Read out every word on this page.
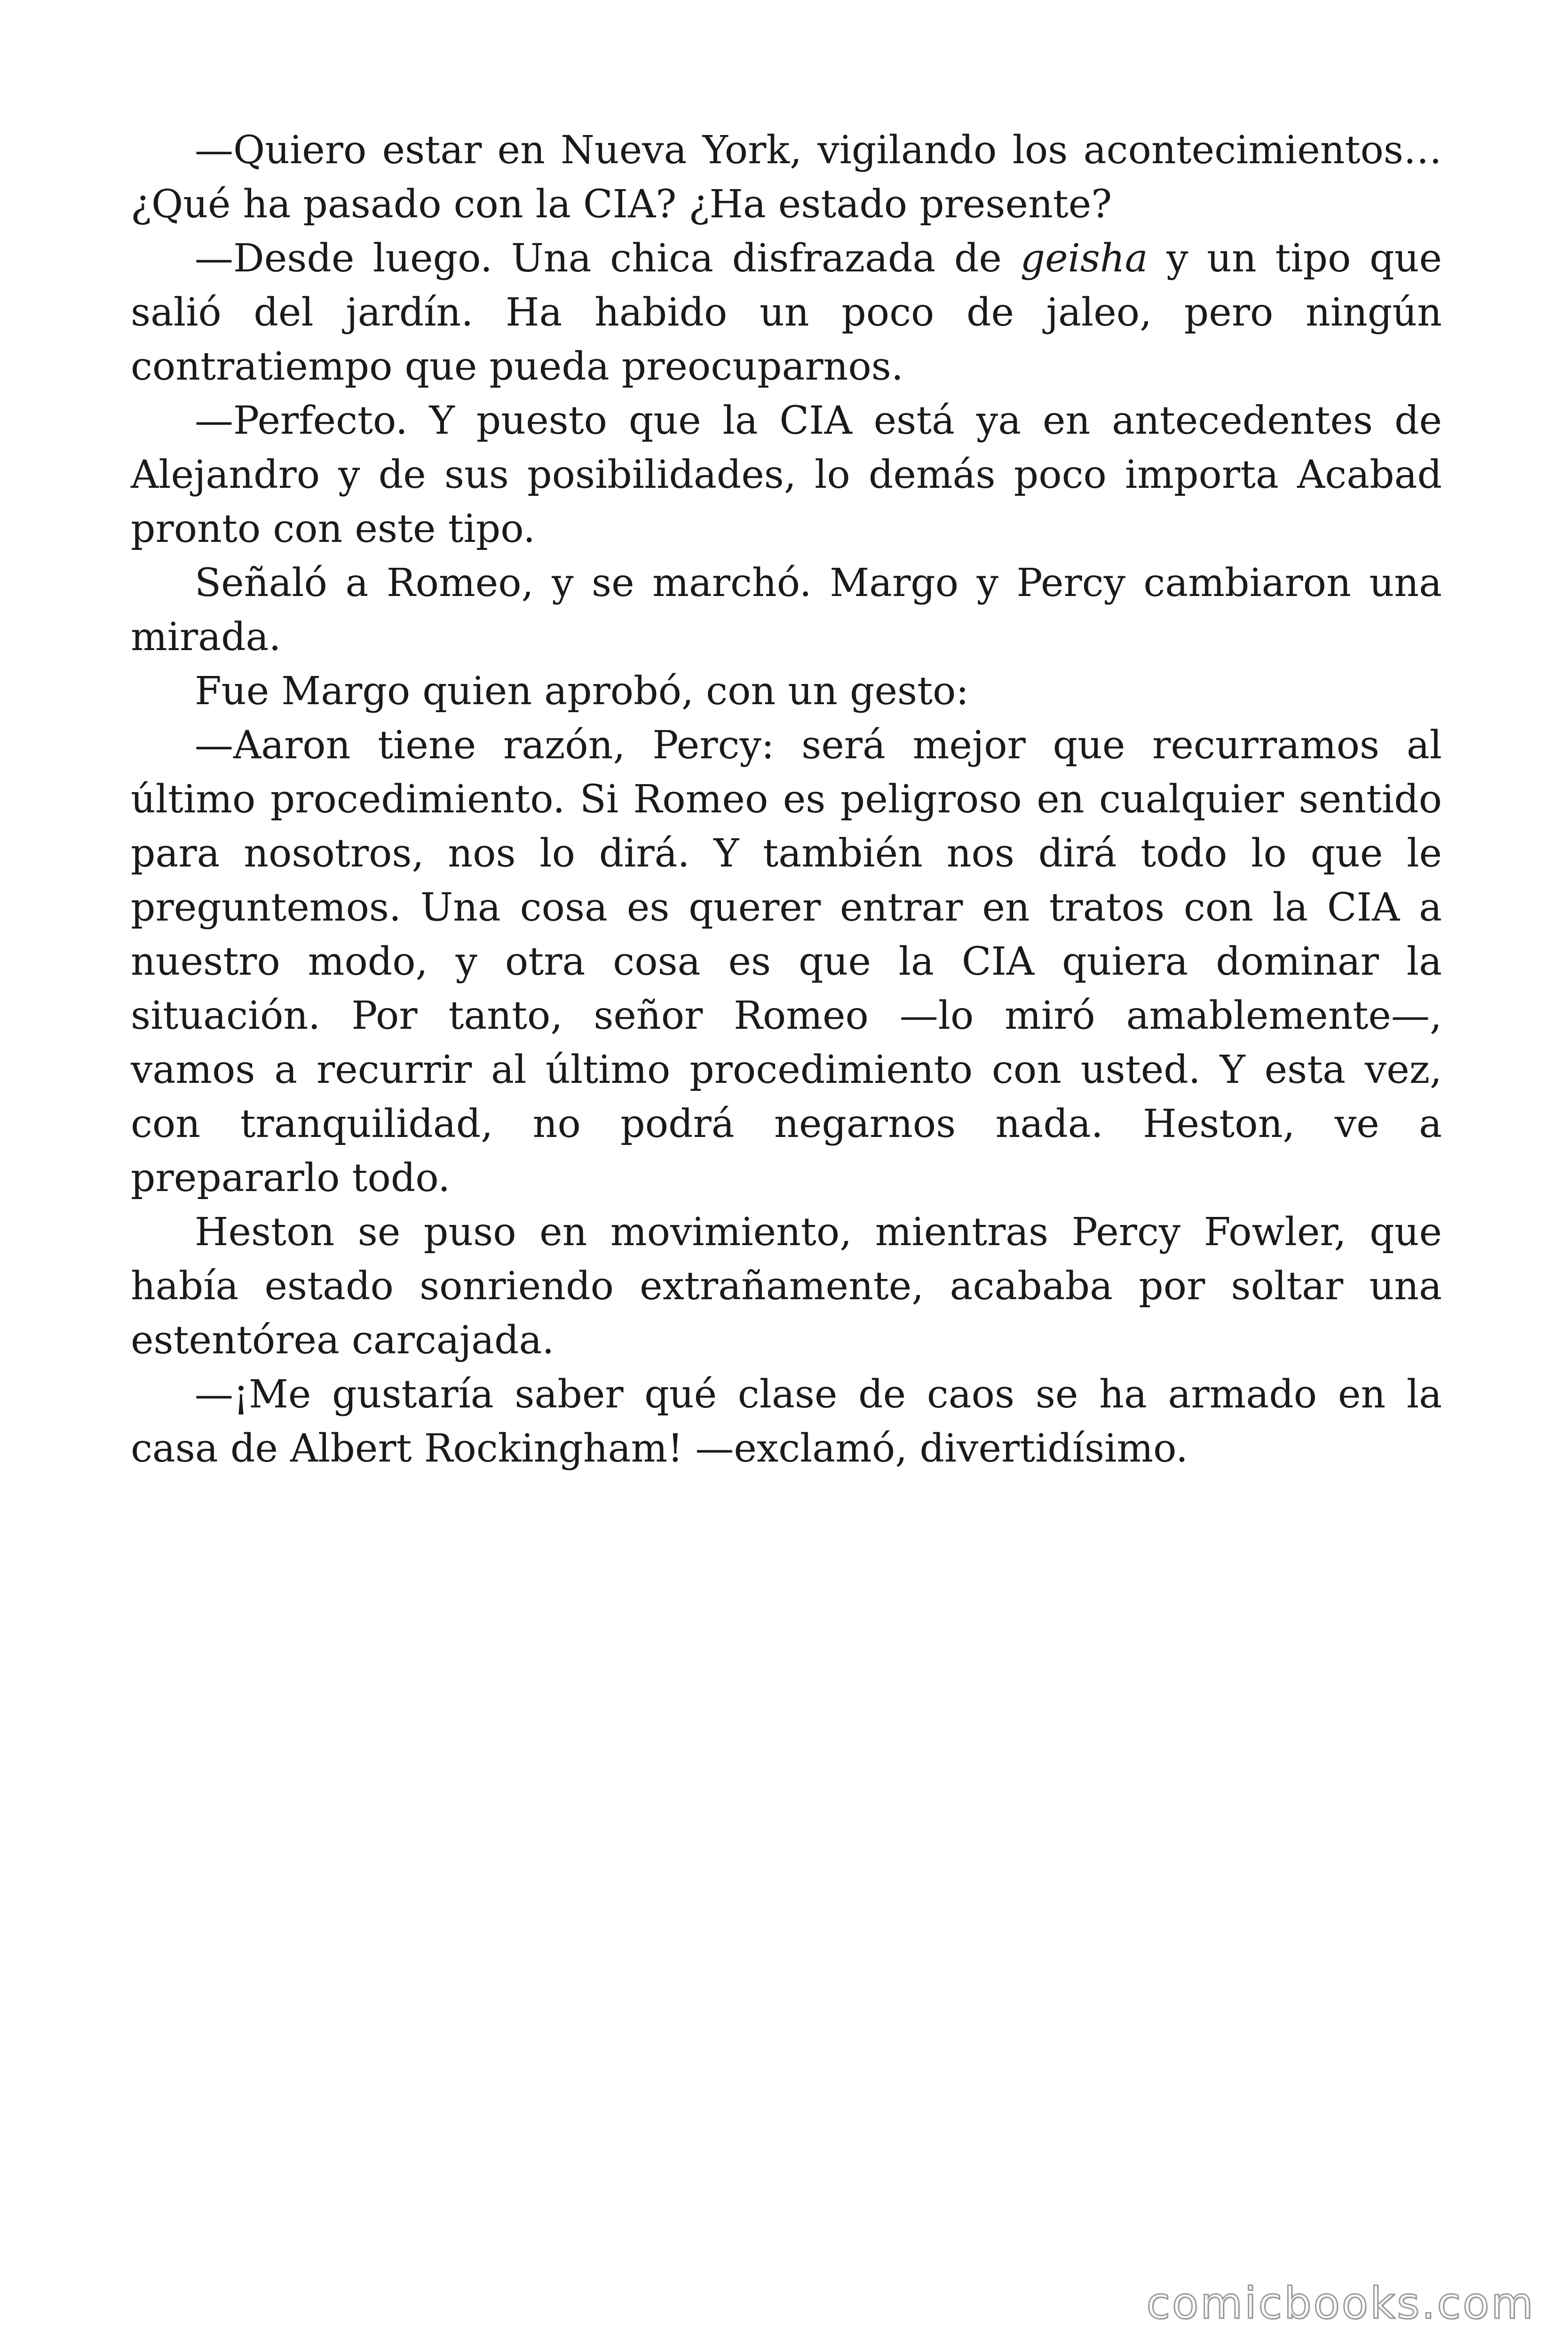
—Quiero estar en Nueva York, vigilando los acontecimientos… ¿Qué ha pasado con la CIA? ¿Ha estado presente?

—Desde luego. Una chica disfrazada de geisha y un tipo que salió del jardín. Ha habido un poco de jaleo, pero ningún contratiempo que pueda preocuparnos.

—Perfecto. Y puesto que la CIA está ya en antecedentes de Alejandro y de sus posibilidades, lo demás poco importa Acabad pronto con este tipo.

Señaló a Romeo, y se marchó. Margo y Percy cambiaron una mirada.

Fue Margo quien aprobó, con un gesto:

—Aaron tiene razón, Percy: será mejor que recurramos al último procedimiento. Si Romeo es peligroso en cualquier sentido para nosotros, nos lo dirá. Y también nos dirá todo lo que le preguntemos. Una cosa es querer entrar en tratos con la CIA a nuestro modo, y otra cosa es que la CIA quiera dominar la situación. Por tanto, señor Romeo —lo miró amablemente—, vamos a recurrir al último procedimiento con usted. Y esta vez, con tranquilidad, no podrá negarnos nada. Heston, ve a prepararlo todo.

Heston se puso en movimiento, mientras Percy Fowler, que había estado sonriendo extrañamente, acababa por soltar una estentórea carcajada.

—¡Me gustaría saber qué clase de caos se ha armado en la casa de Albert Rockingham! —exclamó, divertidísimo.

comicbooks.com
